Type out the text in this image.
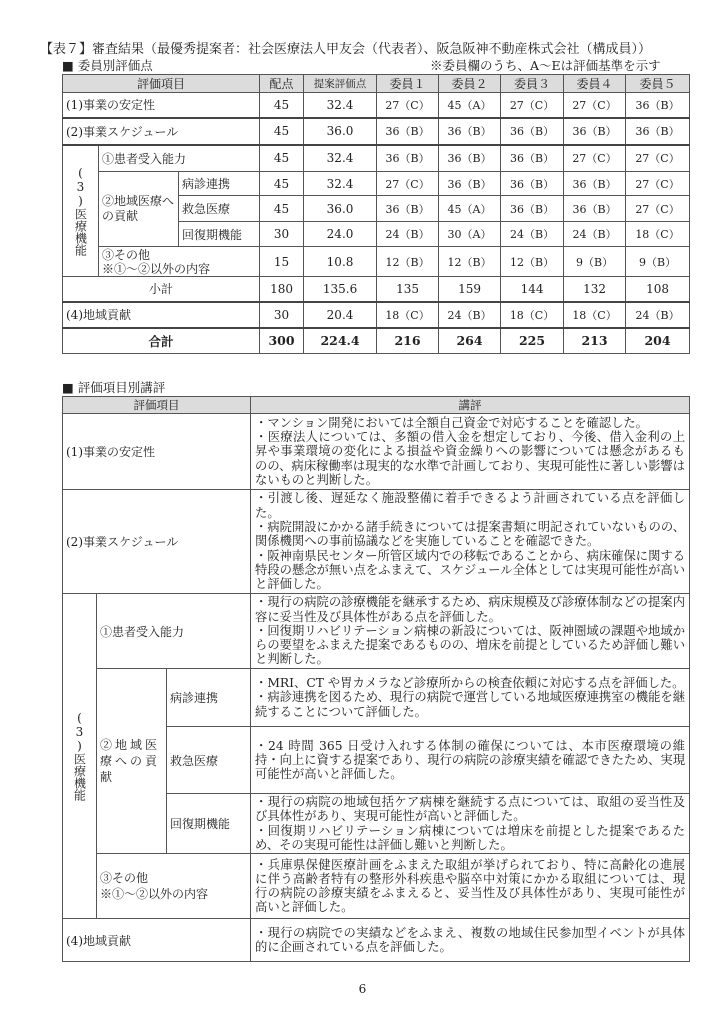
【表７】審査結果（最優秀提案者：社会医療法人甲友会（代表者）、阪急阪神不動産株式会社（構成員））
■ 委員別評価点	※委員欄のうち、A～Eは評価基準を示す
評価項目			配点	提案評価点	委員１	委員２	委員３	委員４	委員５
(1)事業の安定性			45	32.4	27（C）	45（A）	27（C）	27（C）	36（B）
(2)事業スケジュール			45	36.0	36（B）	36（B）	36（B）	36（B）	36（B）

(3)医療機能	①患者受入能力		45	32.4	36（B）	36（B）	36（B）	27（C）	27（C）
	②地域医療への貢献	病診連携	45	32.4	27（C）	36（B）	36（B）	36（B）	27（C）
		救急医療	45	36.0	36（B）	45（A）	36（B）	36（B）	27（C）
		回復期機能	30	24.0	24（B）	30（A）	24（B）	24（B）	18（C）

	③その他
※①～②以外の内容		15	10.8	12（B）	12（B）	12（B）	9（B）	9（B）
小計			180	135.6	135	159	144	132	108
(4)地域貢献			30	20.4	18（C）	24（B）	18（C）	18（C）	24（B）
合計			300	224.4	216	264	225	213	204
■ 評価項目別講評
評価項目			講評
(1)事業の安定性			・マンション開発においては全額自己資金で対応することを確認した。
・医療法人については、多額の借入金を想定しており、今後、借入金利の上昇や事業環境の変化による損益や資金繰りへの影響については懸念があるものの、病床稼働率は現実的な水準で計画しており、実現可能性に著しい影響はないものと判断した。

(2)事業スケジュール			・引渡し後、遅延なく施設整備に着手できるよう計画されている点を評価した。
・病院開設にかかる諸手続きについては提案書類に明記されていないものの、関係機関への事前協議などを実施していることを確認できた。
・阪神南県民センター所管区域内での移転であることから、病床確保に関する特段の懸念が無い点をふまえて、スケジュール全体としては実現可能性が高いと評価した。

(3)医療機能	①患者受入能力		・現行の病院の診療機能を継承するため、病床規模及び診療体制などの提案内容に妥当性及び具体性がある点を評価した。
・回復期リハビリテーション病棟の新設については、阪神圏域の課題や地域からの要望をふまえた提案であるものの、増床を前提としているため評価し難いと判断した。

	②地域医療への貢献	病診連携	・MRI、CT や胃カメラなど診療所からの検査依頼に対応する点を評価した。
・病診連携を図るため、現行の病院で運営している地域医療連携室の機能を継続することについて評価した。

		救急医療	・24 時間 365 日受け入れする体制の確保については、本市医療環境の維持・向上に資する提案であり、現行の病院の診療実績を確認できたため、実現可能性が高いと評価した。

		回復期機能	・現行の病院の地域包括ケア病棟を継続する点については、取組の妥当性及び具体性があり、実現可能性が高いと評価した。
・回復期リハビリテーション病棟については増床を前提とした提案であるため、その実現可能性は評価し難いと判断した。

	③その他
※①～②以外の内容		・兵庫県保健医療計画をふまえた取組が挙げられており、特に高齢化の進展に伴う高齢者特有の整形外科疾患や脳卒中対策にかかる取組については、現行の病院の診療実績をふまえると、妥当性及び具体性があり、実現可能性が高いと評価した。

(4)地域貢献			・現行の病院での実績などをふまえ、複数の地域住民参加型イベントが具体的に企画されている点を評価した。
6
